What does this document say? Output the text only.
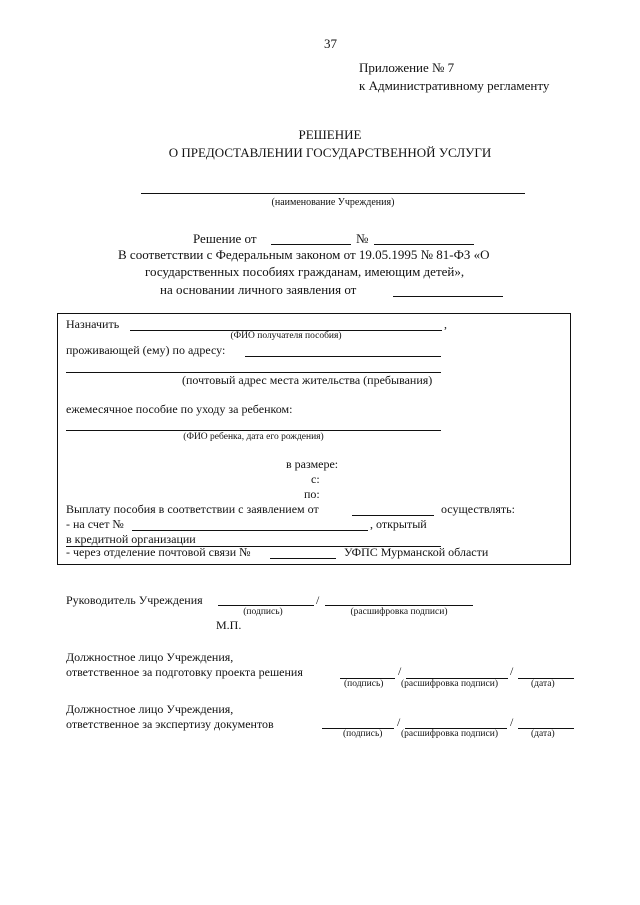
37
Приложение № 7
к Административному регламенту
РЕШЕНИЕ
О ПРЕДОСТАВЛЕНИИ ГОСУДАРСТВЕННОЙ УСЛУГИ
(наименование Учреждения)
Решение от	№
В соответствии с Федеральным законом от 19.05.1995 № 81-ФЗ «О
государственных пособиях гражданам, имеющим детей»,
на основании личного заявления от
Назначить	,
(ФИО получателя пособия)
проживающей (ему) по адресу:
(почтовый адрес места жительства (пребывания)
ежемесячное пособие по уходу за ребенком:
(ФИО ребенка, дата его рождения)
в размере:
с:
по:
Выплату пособия в соответствии с заявлением от	осуществлять:
- на счет №	, открытый
в кредитной организации
- через отделение почтовой связи №	УФПС Мурманской области
Руководитель Учреждения	/
(подпись)	(расшифровка подписи)
М.П.
Должностное лицо Учреждения,
ответственное за подготовку проекта решения	/	/
(подпись) (расшифровка подписи)	(дата)
Должностное лицо Учреждения,
ответственное за экспертизу документов	/	/
(подпись) (расшифровка подписи)	(дата)
